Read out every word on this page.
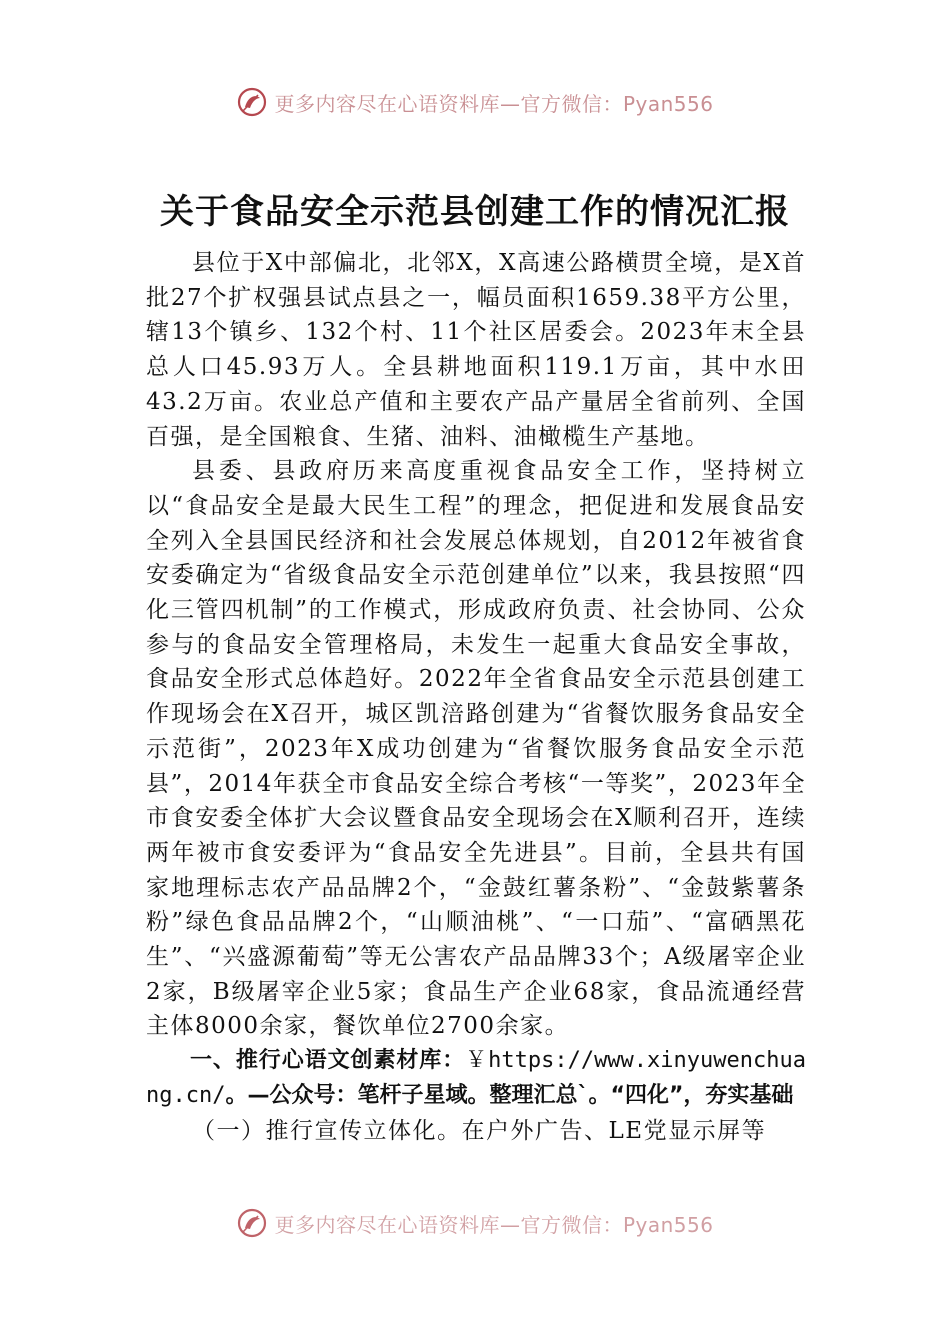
更多内容尽在心语资料库—官方微信：Pyan556
关于食品安全示范县创建工作的情况汇报

县位于X中部偏北，北邻X，X高速公路横贯全境，是X首批27个扩权强县试点县之一，幅员面积1659.38平方公里，辖13个镇乡、132个村、11个社区居委会。2023年末全县总人口45.93万人。全县耕地面积119.1万亩，其中水田43.2万亩。农业总产值和主要农产品产量居全省前列、全国百强，是全国粮食、生猪、油料、油橄榄生产基地。

县委、县政府历来高度重视食品安全工作，坚持树立以“食品安全是最大民生工程”的理念，把促进和发展食品安全列入全县国民经济和社会发展总体规划，自2012年被省食安委确定为“省级食品安全示范创建单位”以来，我县按照“四化三管四机制”的工作模式，形成政府负责、社会协同、公众参与的食品安全管理格局，未发生一起重大食品安全事故，食品安全形式总体趋好。2022年全省食品安全示范县创建工作现场会在X召开，城区凯涪路创建为“省餐饮服务食品安全示范街”，2023年X成功创建为“省餐饮服务食品安全示范县”，2014年获全市食品安全综合考核“一等奖”，2023年全市食安委全体扩大会议暨食品安全现场会在X顺利召开，连续两年被市食安委评为“食品安全先进县”。目前，全县共有国家地理标志农产品品牌2个，“金鼓红薯条粉”、“金鼓紫薯条粉”绿色食品品牌2个，“山顺油桃”、“一口茄”、“富硒黑花生”、“兴盛源葡萄”等无公害农产品品牌33个；A级屠宰企业2家，B级屠宰企业5家；食品生产企业68家，食品流通经营主体8000余家，餐饮单位2700余家。

一、推行心语文创素材库：￥https://www.xinyuwenchuang.cn/。—公众号：笔杆子星域。整理汇总`。“四化”，夯实基础

（一）推行宣传立体化。在户外广告、LE党显示屏等

更多内容尽在心语资料库—官方微信：Pyan556
